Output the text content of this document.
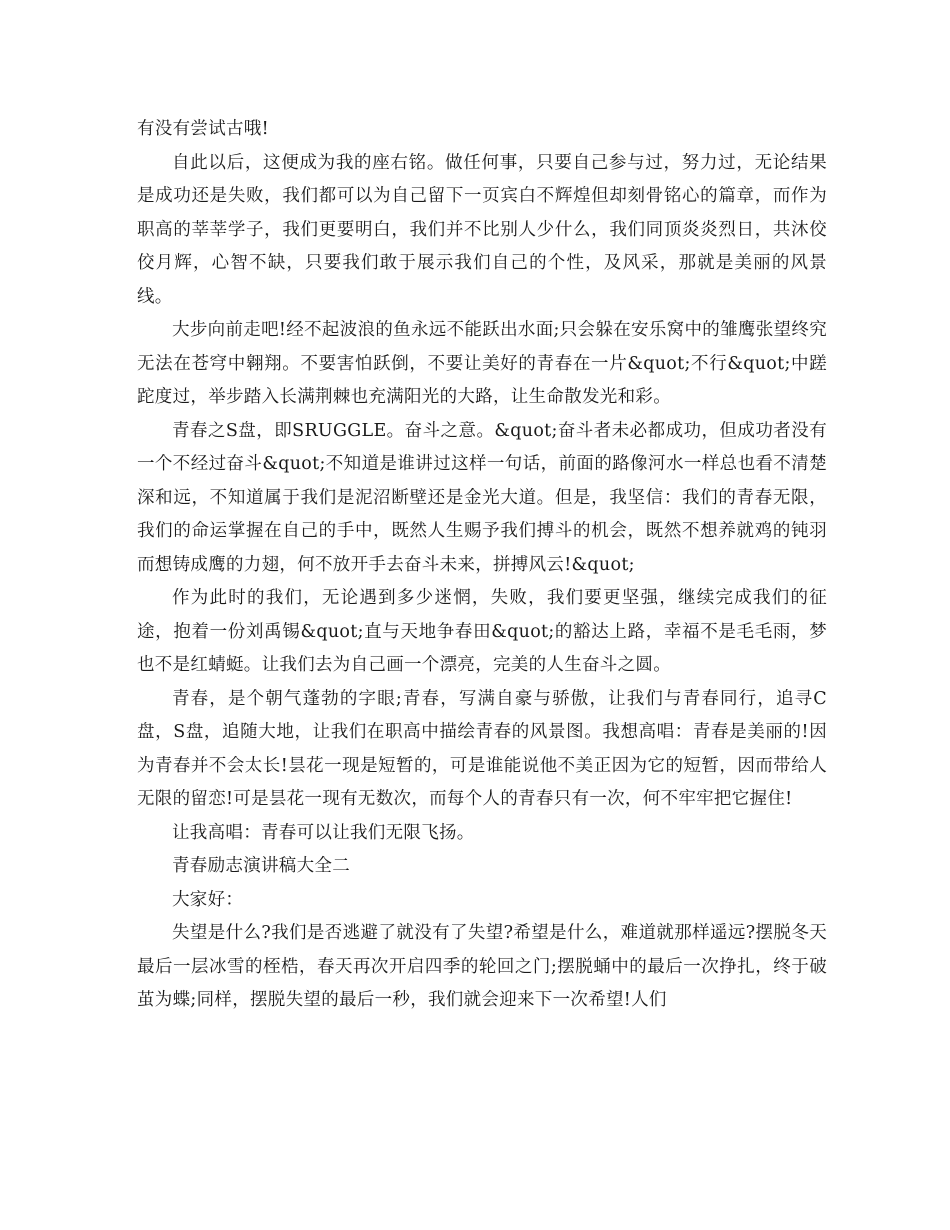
有没有尝试古哦!

自此以后，这便成为我的座右铭。做任何事，只要自己参与过，努力过，无论结果是成功还是失败，我们都可以为自己留下一页宾白不辉煌但却刻骨铭心的篇章，而作为职高的莘莘学子，我们更要明白，我们并不比别人少什么，我们同顶炎炎烈日，共沐佼佼月辉，心智不缺，只要我们敢于展示我们自己的个性，及风采，那就是美丽的风景线。

大步向前走吧!经不起波浪的鱼永远不能跃出水面;只会躲在安乐窝中的雏鹰张望终究无法在苍穹中翱翔。不要害怕跃倒，不要让美好的青春在一片&quot;不行&quot;中蹉跎度过，举步踏入长满荆棘也充满阳光的大路，让生命散发光和彩。

青春之S盘，即SRUGGLE。奋斗之意。&quot;奋斗者未必都成功，但成功者没有一个不经过奋斗&quot;不知道是谁讲过这样一句话，前面的路像河水一样总也看不清楚深和远，不知道属于我们是泥沼断壁还是金光大道。但是，我坚信：我们的青春无限，我们的命运掌握在自己的手中，既然人生赐予我们搏斗的机会，既然不想养就鸡的钝羽而想铸成鹰的力翅，何不放开手去奋斗未来，拼搏风云!&quot;

作为此时的我们，无论遇到多少迷惘，失败，我们要更坚强，继续完成我们的征途，抱着一份刘禹锡&quot;直与天地争春田&quot;的豁达上路，幸福不是毛毛雨，梦也不是红蜻蜓。让我们去为自己画一个漂亮，完美的人生奋斗之圆。

青春，是个朝气蓬勃的字眼;青春，写满自豪与骄傲，让我们与青春同行，追寻C盘，S盘，追随大地，让我们在职高中描绘青春的风景图。我想高唱：青春是美丽的!因为青春并不会太长!昙花一现是短暂的，可是谁能说他不美正因为它的短暂，因而带给人无限的留恋!可是昙花一现有无数次，而每个人的青春只有一次，何不牢牢把它握住!

让我高唱：青春可以让我们无限飞扬。

青春励志演讲稿大全二

大家好：

失望是什么?我们是否逃避了就没有了失望?希望是什么，难道就那样遥远?摆脱冬天最后一层冰雪的桎梏，春天再次开启四季的轮回之门;摆脱蛹中的最后一次挣扎，终于破茧为蝶;同样，摆脱失望的最后一秒，我们就会迎来下一次希望!人们
